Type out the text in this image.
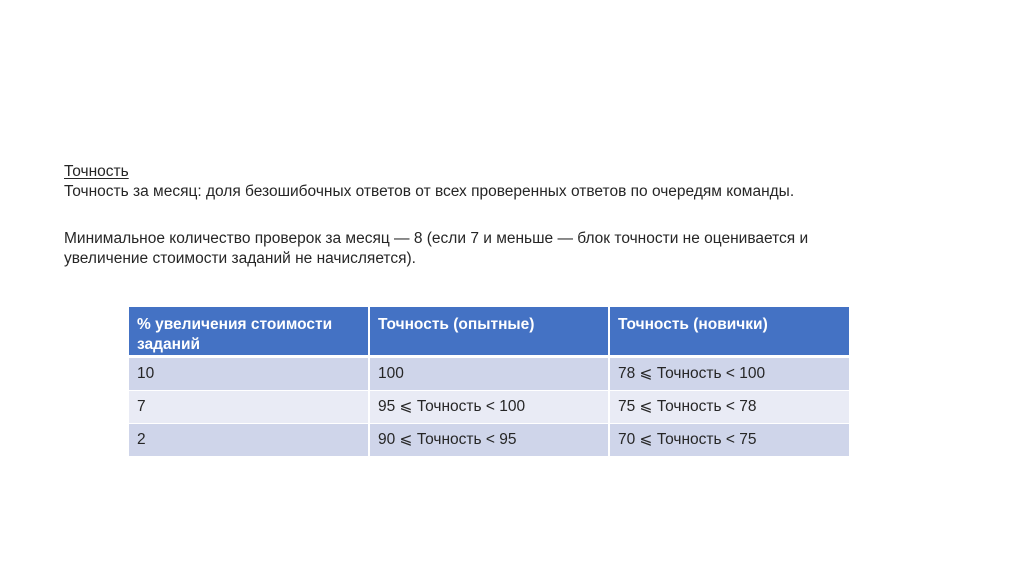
Точность
Точность за месяц: доля безошибочных ответов от всех проверенных ответов по очередям команды.
Минимальное количество проверок за месяц — 8 (если 7 и меньше — блок точности не оценивается и
увеличение стоимости заданий не начисляется).
% увеличения стоимости
заданий	Точность (опытные)	Точность (новички)
10	100	78 ⩽ Точность < 100
7	95 ⩽ Точность < 100	75 ⩽ Точность < 78
2	90 ⩽ Точность < 95	70 ⩽ Точность < 75
